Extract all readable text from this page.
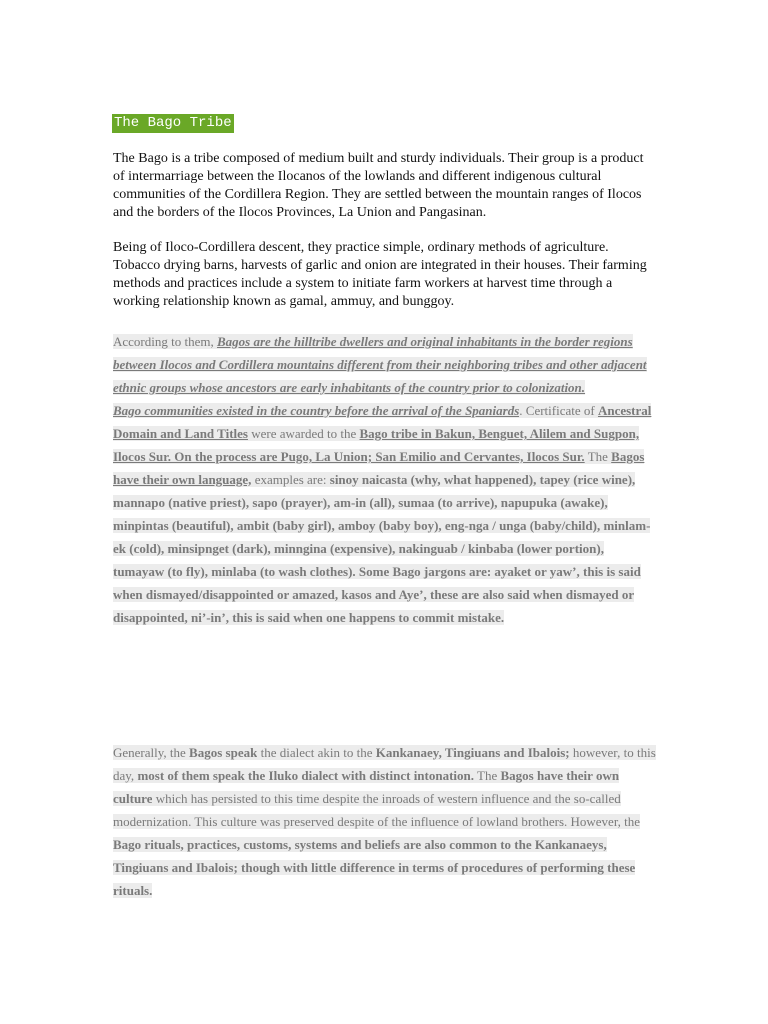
The Bago Tribe

The Bago is a tribe composed of medium built and sturdy individuals. Their group is a product of intermarriage between the Ilocanos of the lowlands and different indigenous cultural communities of the Cordillera Region. They are settled between the mountain ranges of Ilocos and the borders of the Ilocos Provinces, La Union and Pangasinan.

Being of Iloco-Cordillera descent, they practice simple, ordinary methods of agriculture. Tobacco drying barns, harvests of garlic and onion are integrated in their houses. Their farming methods and practices include a system to initiate farm workers at harvest time through a working relationship known as gamal, ammuy, and bunggoy.

According to them, Bagos are the hilltribe dwellers and original inhabitants in the border regions between Ilocos and Cordillera mountains different from their neighboring tribes and other adjacent ethnic groups whose ancestors are early inhabitants of the country prior to colonization.
Bago communities existed in the country before the arrival of the Spaniards. Certificate of Ancestral Domain and Land Titles were awarded to the Bago tribe in Bakun, Benguet, Alilem and Sugpon, Ilocos Sur. On the process are Pugo, La Union; San Emilio and Cervantes, Ilocos Sur. The Bagos have their own language, examples are: sinoy naicasta (why, what happened), tapey (rice wine), mannapo (native priest), sapo (prayer), am-in (all), sumaa (to arrive), napupuka (awake), minpintas (beautiful), ambit (baby girl), amboy (baby boy), eng-nga / unga (baby/child), minlam-ek (cold), minsipnget (dark), minngina (expensive), nakinguab / kinbaba (lower portion), tumayaw (to fly), minlaba (to wash clothes). Some Bago jargons are: ayaket or yaw’, this is said when dismayed/disappointed or amazed, kasos and Aye’, these are also said when dismayed or disappointed, ni’-in’, this is said when one happens to commit mistake.

Generally, the Bagos speak the dialect akin to the Kankanaey, Tingiuans and Ibalois; however, to this day, most of them speak the Iluko dialect with distinct intonation. The Bagos have their own culture which has persisted to this time despite the inroads of western influence and the so-called modernization. This culture was preserved despite of the influence of lowland brothers. However, the Bago rituals, practices, customs, systems and beliefs are also common to the Kankanaeys, Tingiuans and Ibalois; though with little difference in terms of procedures of performing these rituals.
